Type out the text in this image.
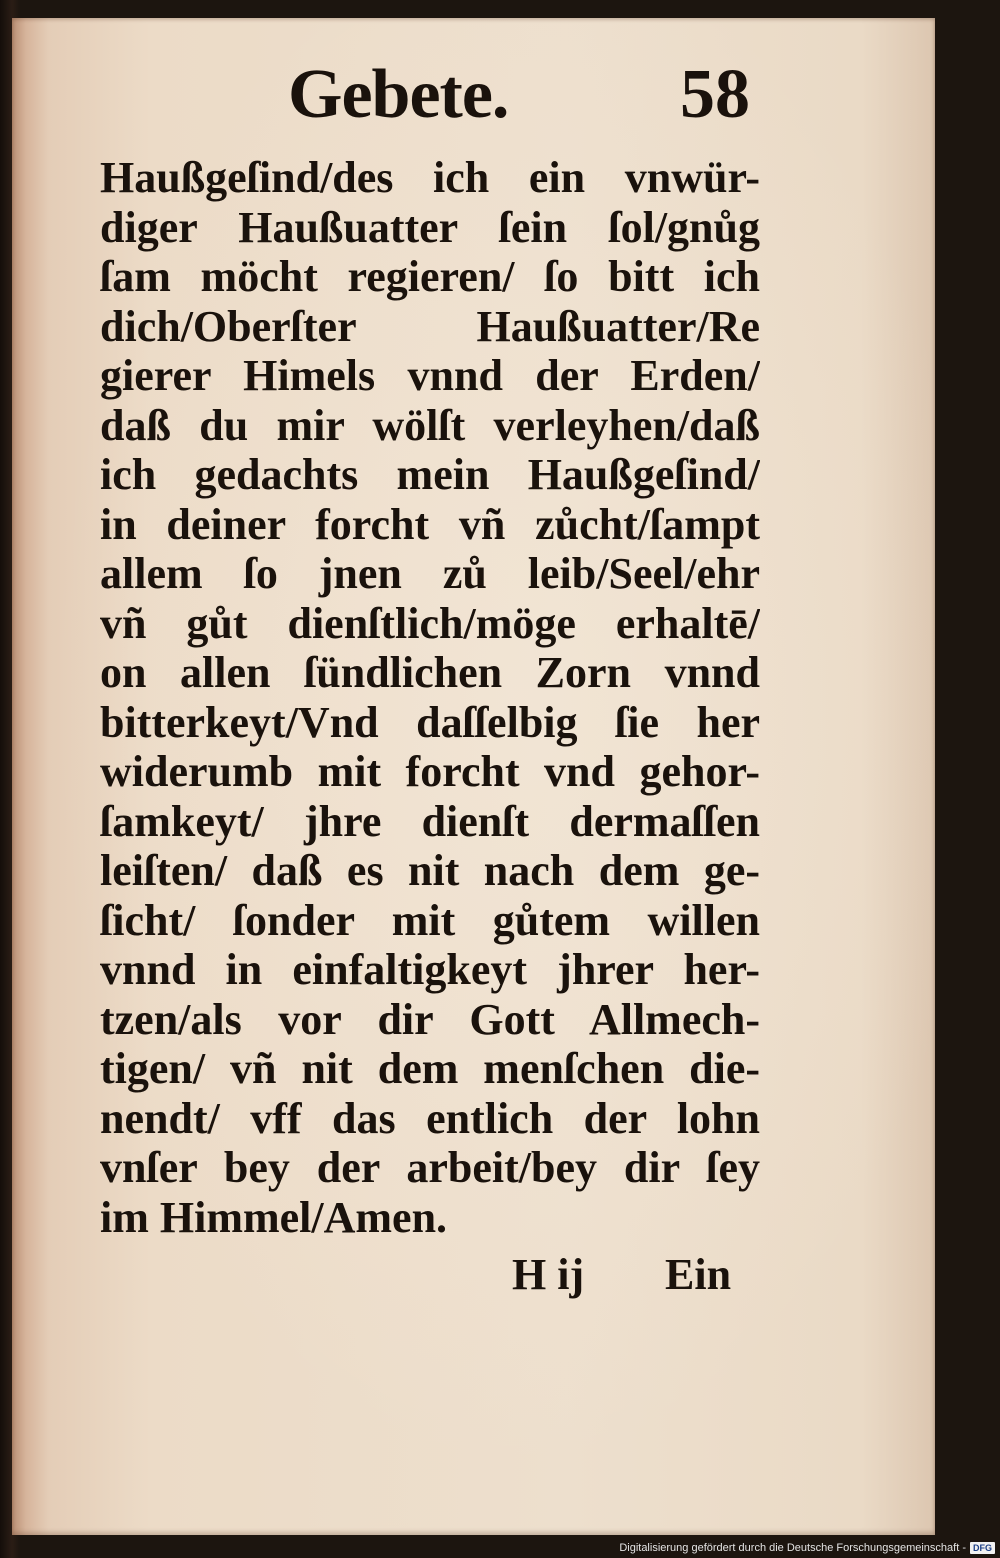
Gebete. 58
Haußgeſind/des ich ein vnwür-
diger Haußuatter ſein ſol/gnůg
ſam möcht regieren/ ſo bitt ich
dich/Oberſter Haußuatter/Re
gierer Himels vnnd der Erden/
daß du mir wölſt verleyhen/daß
ich gedachts mein Haußgeſind/
in deiner forcht vñ zůcht/ſampt
allem ſo jnen zů leib/Seel/ehr
vñ gůt dienſtlich/möge erhaltē/
on allen ſündlichen Zorn vnnd
bitterkeyt/Vnd daſſelbig ſie her
widerumb mit forcht vnd gehor-
ſamkeyt/ jhre dienſt dermaſſen
leiſten/ daß es nit nach dem ge-
ſicht/ ſonder mit gůtem willen
vnnd in einfaltigkeyt jhrer her-
tzen/als vor dir Gott Allmech-
tigen/ vñ nit dem menſchen die-
nendt/ vff das entlich der lohn
vnſer bey der arbeit/bey dir ſey
im Himmel/Amen.
H ij Ein
Digitalisierung gefördert durch die Deutsche Forschungsgemeinschaft - DFG
